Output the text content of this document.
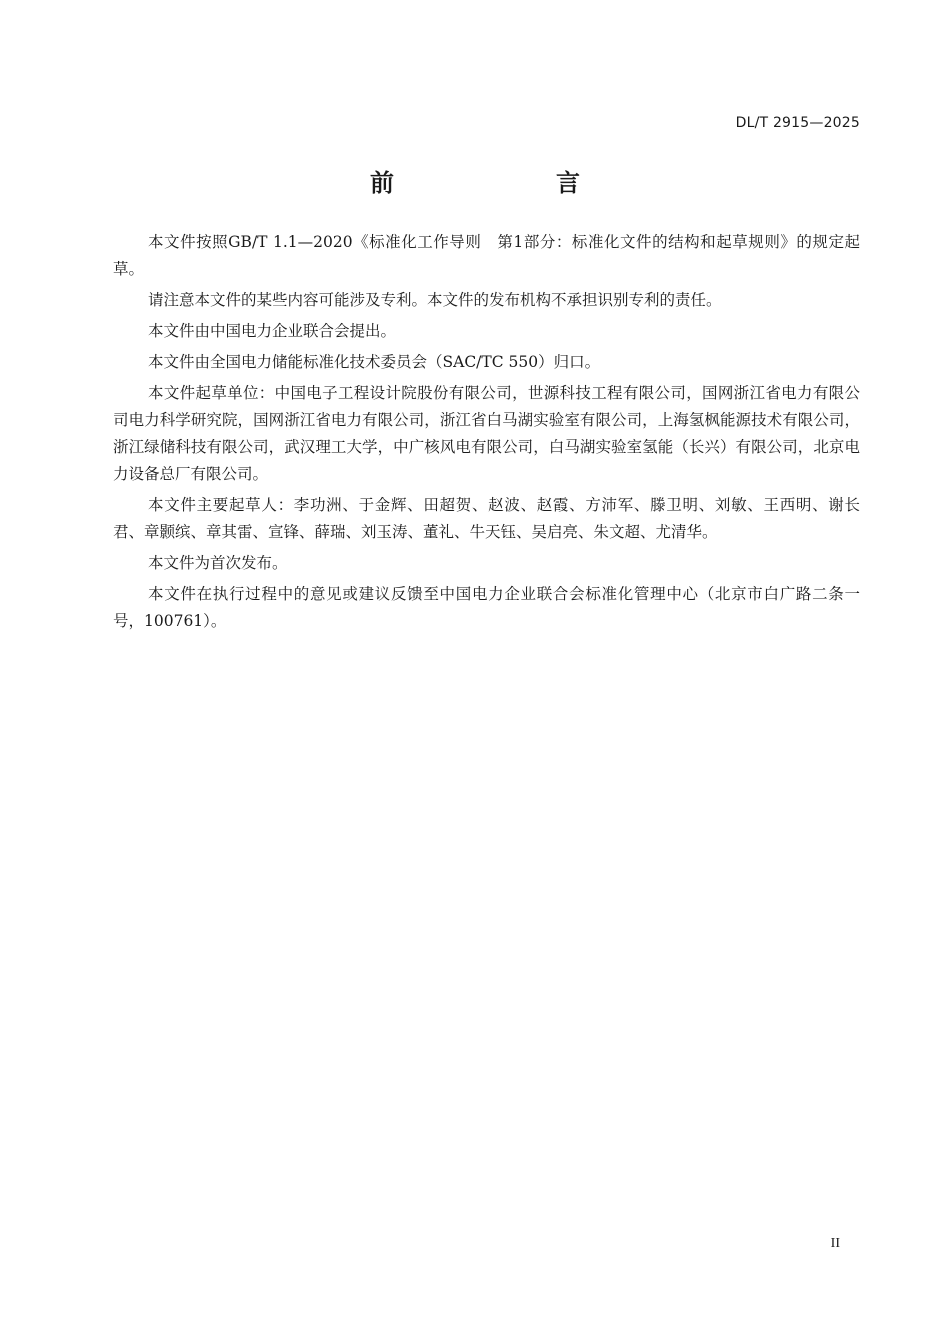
DL/T 2915—2025
前　　言

本文件按照GB/T 1.1—2020《标准化工作导则　第1部分：标准化文件的结构和起草规则》的规定起草。

请注意本文件的某些内容可能涉及专利。本文件的发布机构不承担识别专利的责任。

本文件由中国电力企业联合会提出。

本文件由全国电力储能标准化技术委员会（SAC/TC 550）归口。

本文件起草单位：中国电子工程设计院股份有限公司，世源科技工程有限公司，国网浙江省电力有限公司电力科学研究院，国网浙江省电力有限公司，浙江省白马湖实验室有限公司，上海氢枫能源技术有限公司，浙江绿储科技有限公司，武汉理工大学，中广核风电有限公司，白马湖实验室氢能（长兴）有限公司，北京电力设备总厂有限公司。

本文件主要起草人：李功洲、于金辉、田超贺、赵波、赵霞、方沛军、滕卫明、刘敏、王西明、谢长君、章颢缤、章其雷、宣锋、薛瑞、刘玉涛、董礼、牛天钰、吴启亮、朱文超、尤清华。

本文件为首次发布。

本文件在执行过程中的意见或建议反馈至中国电力企业联合会标准化管理中心（北京市白广路二条一号，100761）。

II
